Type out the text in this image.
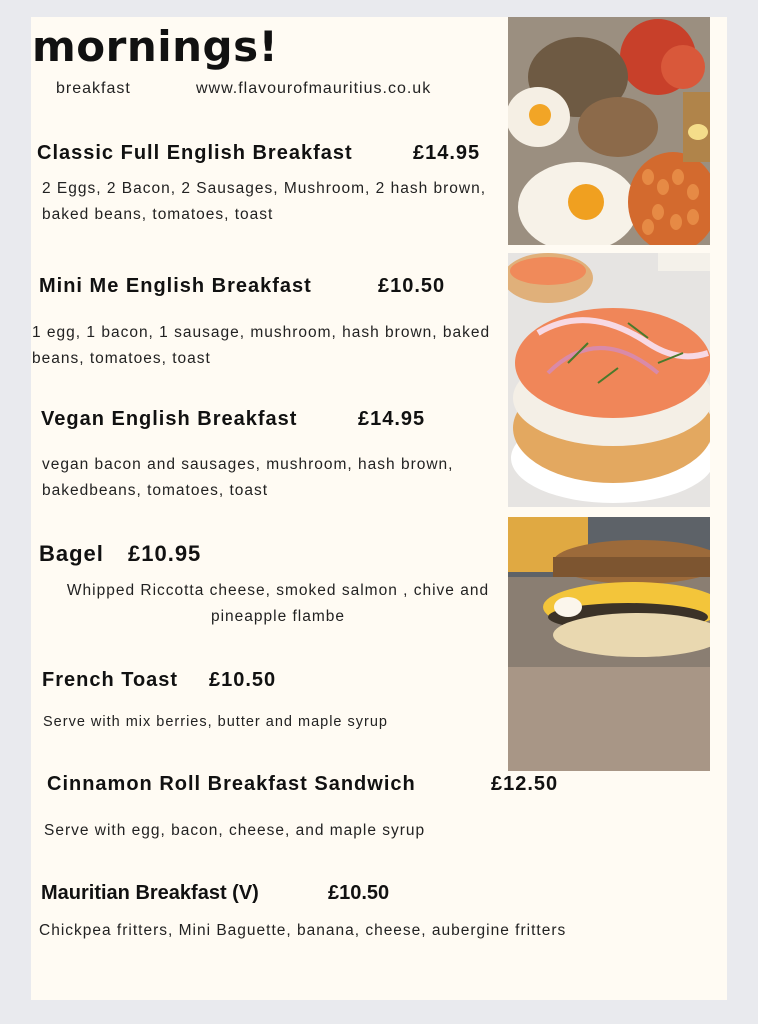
mornings!
breakfast	www.flavourofmauritius.co.uk
Classic Full English Breakfast	£14.95
2 Eggs, 2 Bacon, 2 Sausages, Mushroom, 2 hash brown, baked beans, tomatoes, toast
Mini Me English Breakfast	£10.50
1 egg, 1 bacon, 1 sausage, mushroom, hash brown, baked beans, tomatoes, toast
Vegan English Breakfast	£14.95
vegan bacon and sausages, mushroom, hash brown, bakedbeans, tomatoes, toast
Bagel £10.95
Whipped Riccotta cheese, smoked salmon , chive and pineapple flambe
French Toast £10.50
Serve with mix berries, butter and maple syrup
Cinnamon Roll Breakfast Sandwich	£12.50
Serve with egg, bacon, cheese, and maple syrup
Mauritian Breakfast (V)	£10.50
Chickpea fritters, Mini Baguette, banana, cheese, aubergine fritters
